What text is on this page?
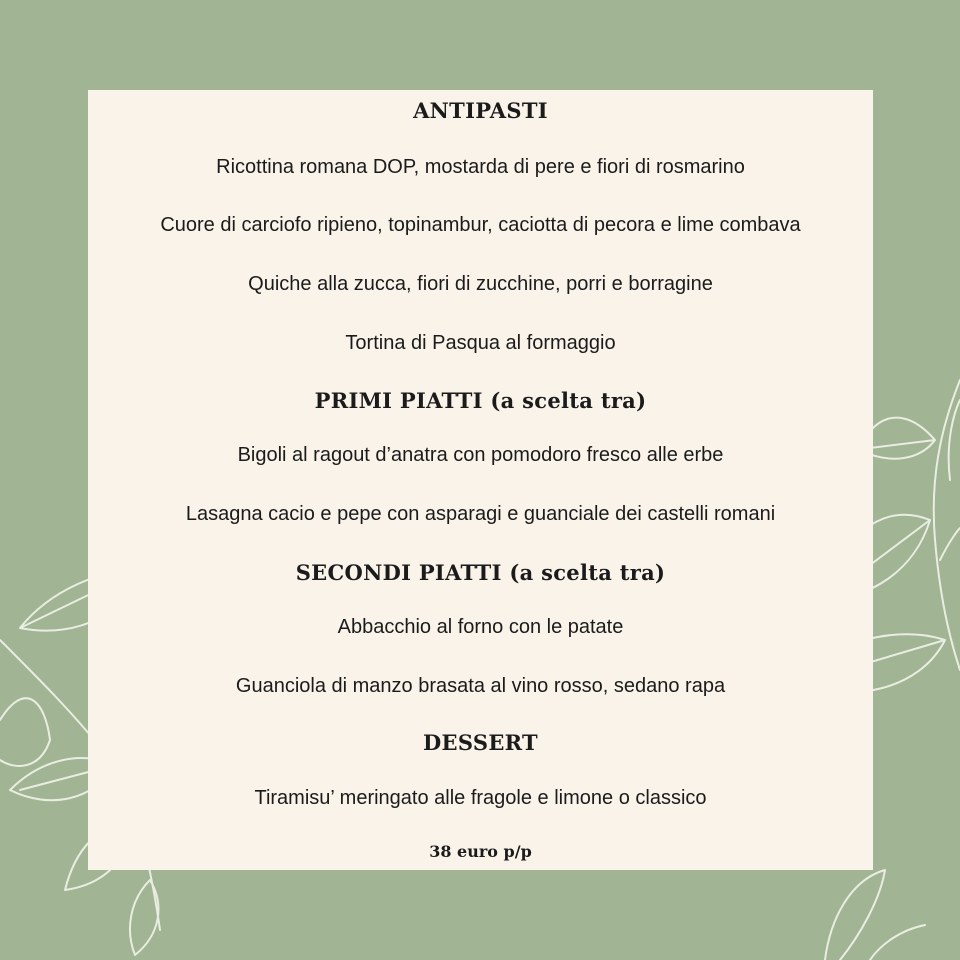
ANTIPASTI
Ricottina romana DOP, mostarda di pere e fiori di rosmarino
Cuore di carciofo ripieno, topinambur, caciotta di pecora e lime combava
Quiche alla zucca, fiori di zucchine, porri e borragine
Tortina di Pasqua al formaggio
PRIMI PIATTI (a scelta tra)
Bigoli al ragout d’anatra con pomodoro fresco alle erbe
Lasagna cacio e pepe con asparagi e guanciale dei castelli romani
SECONDI PIATTI (a scelta tra)
Abbacchio al forno con le patate
Guanciola di manzo brasata al vino rosso, sedano rapa
DESSERT
Tiramisu’ meringato alle fragole e limone o classico
38 euro p/p
